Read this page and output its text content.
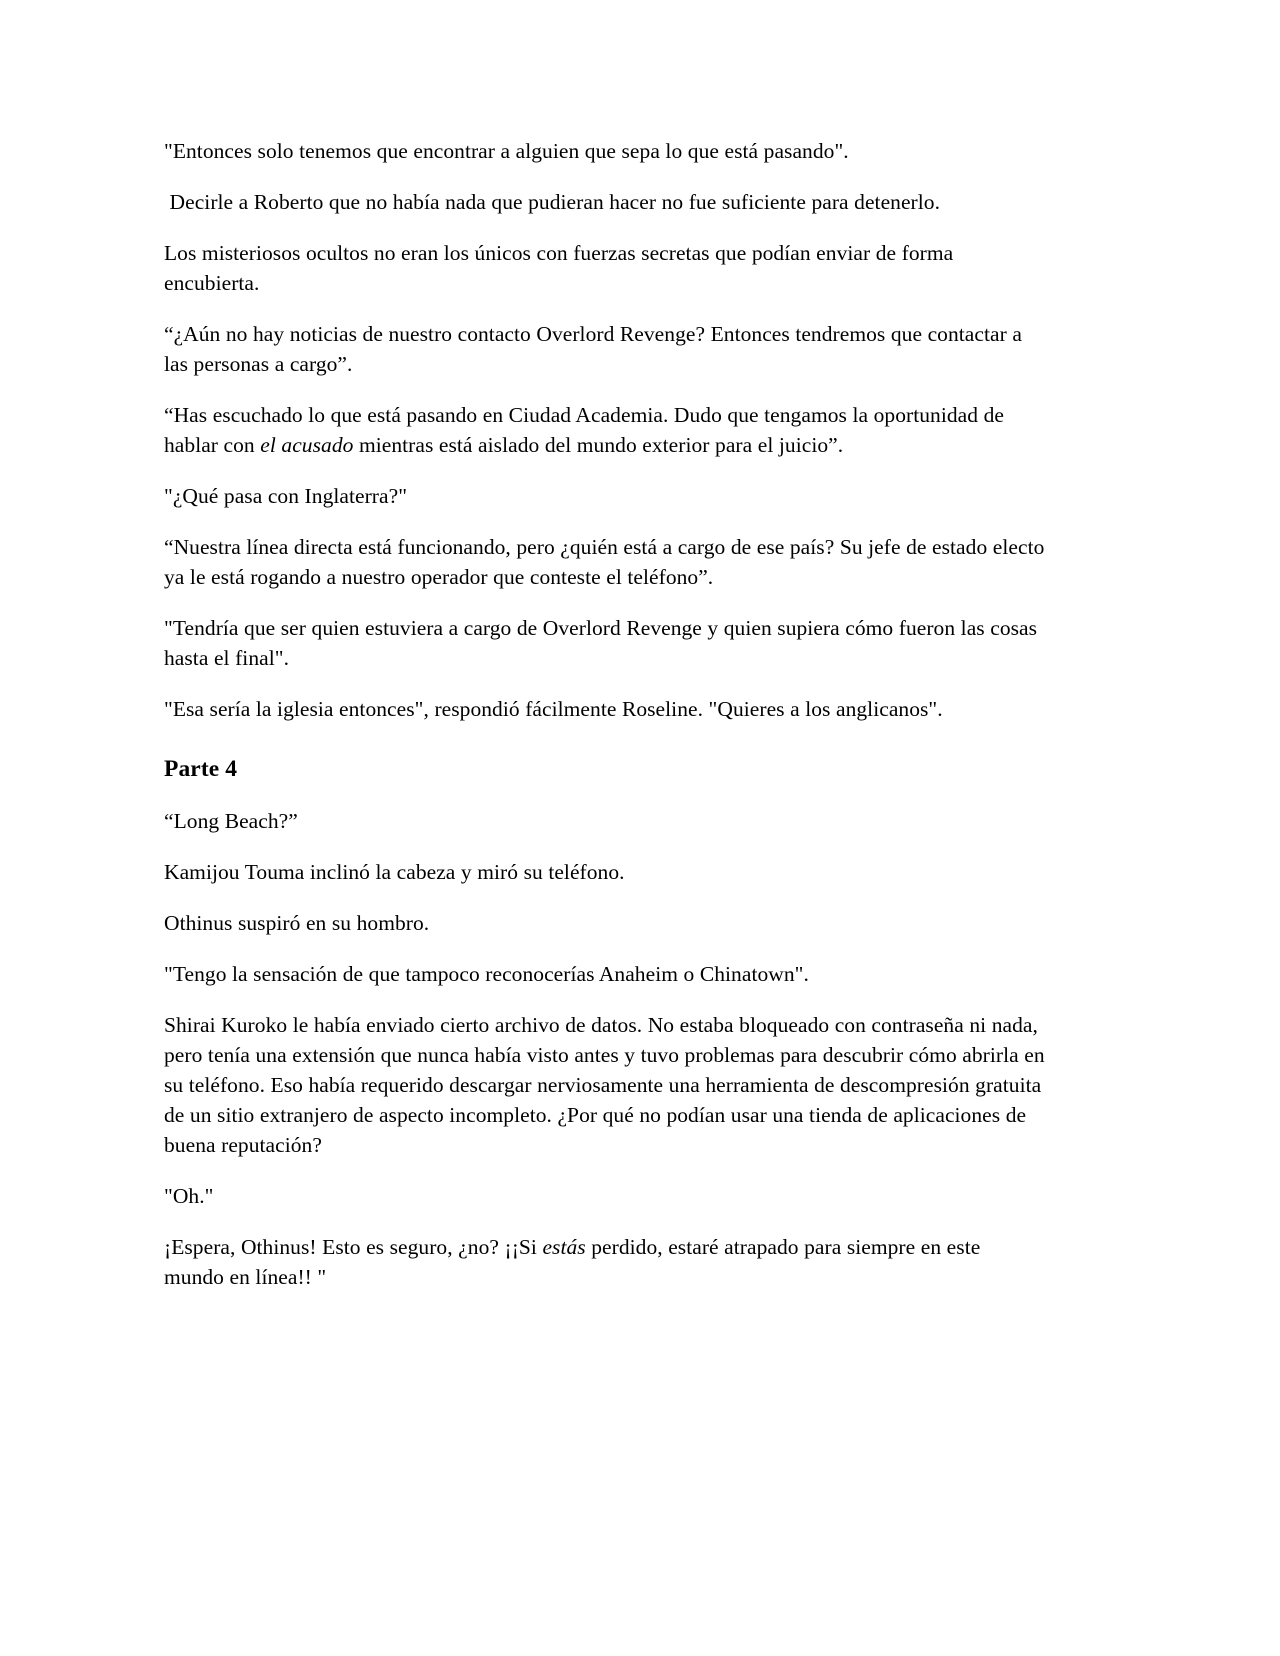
"Entonces solo tenemos que encontrar a alguien que sepa lo que está pasando".

Decirle a Roberto que no había nada que pudieran hacer no fue suficiente para detenerlo.

Los misteriosos ocultos no eran los únicos con fuerzas secretas que podían enviar de forma encubierta.

“¿Aún no hay noticias de nuestro contacto Overlord Revenge? Entonces tendremos que contactar a las personas a cargo”.

“Has escuchado lo que está pasando en Ciudad Academia. Dudo que tengamos la oportunidad de hablar con el acusado mientras está aislado del mundo exterior para el juicio”.

"¿Qué pasa con Inglaterra?"

“Nuestra línea directa está funcionando, pero ¿quién está a cargo de ese país? Su jefe de estado electo ya le está rogando a nuestro operador que conteste el teléfono”.

"Tendría que ser quien estuviera a cargo de Overlord Revenge y quien supiera cómo fueron las cosas hasta el final".

"Esa sería la iglesia entonces", respondió fácilmente Roseline. "Quieres a los anglicanos".

Parte 4

“Long Beach?”

Kamijou Touma inclinó la cabeza y miró su teléfono.

Othinus suspiró en su hombro.

"Tengo la sensación de que tampoco reconocerías Anaheim o Chinatown".

Shirai Kuroko le había enviado cierto archivo de datos. No estaba bloqueado con contraseña ni nada, pero tenía una extensión que nunca había visto antes y tuvo problemas para descubrir cómo abrirla en su teléfono. Eso había requerido descargar nerviosamente una herramienta de descompresión gratuita de un sitio extranjero de aspecto incompleto. ¿Por qué no podían usar una tienda de aplicaciones de buena reputación?

"Oh."

¡Espera, Othinus! Esto es seguro, ¿no? ¡¡Si estás perdido, estaré atrapado para siempre en este mundo en línea!! "
